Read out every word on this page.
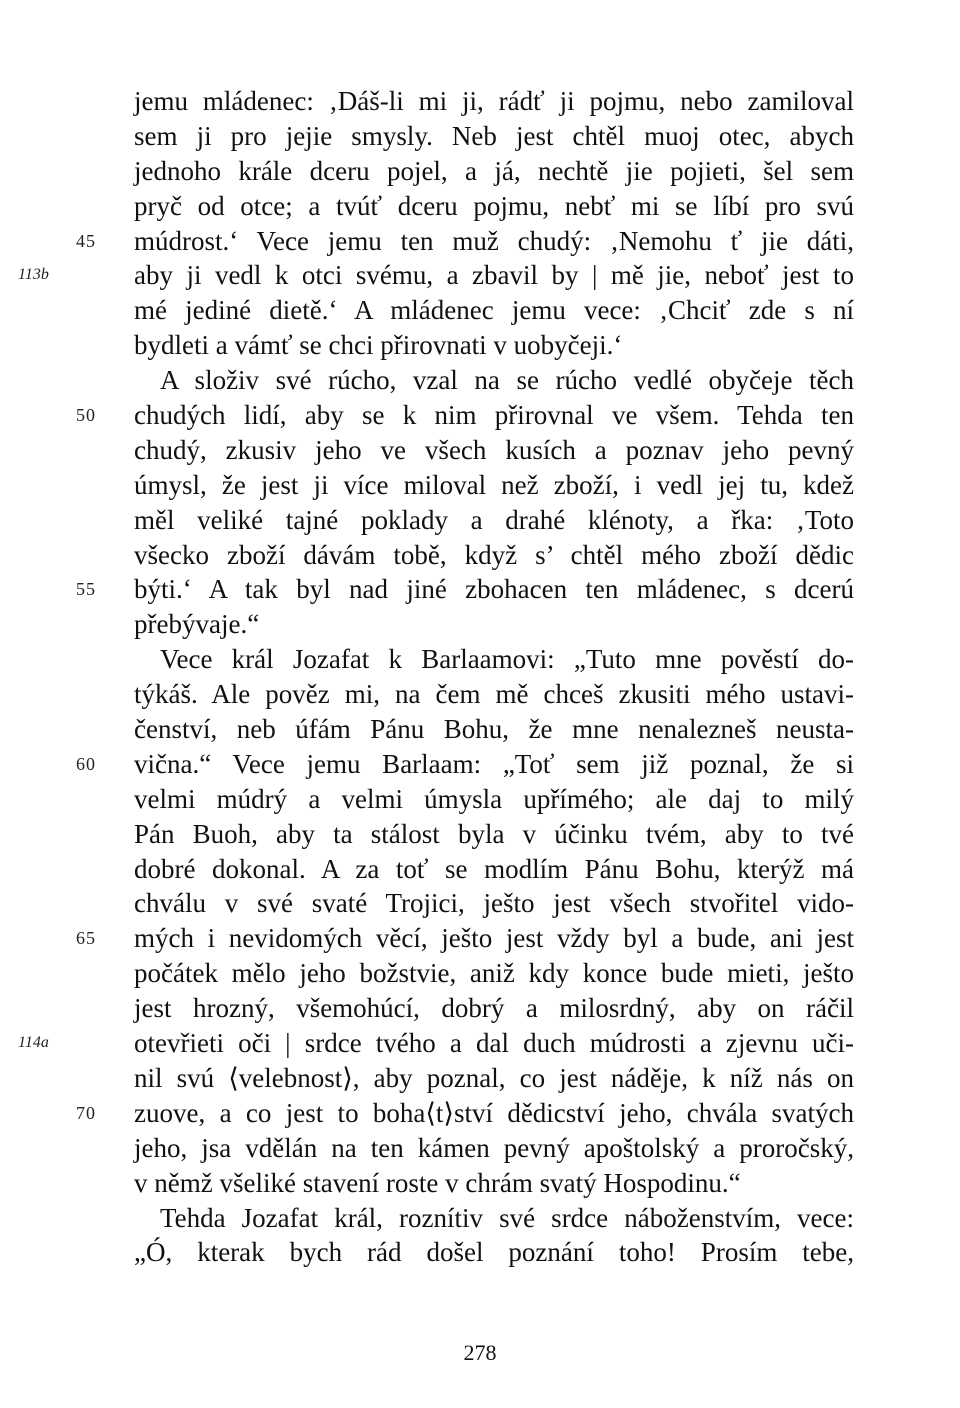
jemu mládenec: ‚Dáš-li mi ji, rádť ji pojmu, nebo zamiloval
sem ji pro jejie smysly. Neb jest chtěl muoj otec, abych
jednoho krále dceru pojel, a já, nechtě jie pojieti, šel sem
pryč od otce; a tvúť dceru pojmu, nebť mi se líbí pro svú
45	múdrost.‘ Vece jemu ten muž chudý: ‚Nemohu ť jie dáti,
113b	aby ji vedl k otci svému, a zbavil by | mě jie, neboť jest to
mé jediné dietě.‘ A mládenec jemu vece: ‚Chciť zde s ní
bydleti a vámť se chci přirovnati v uobyčeji.‘
A složiv své rúcho, vzal na se rúcho vedlé obyčeje těch
50	chudých lidí, aby se k nim přirovnal ve všem. Tehda ten
chudý, zkusiv jeho ve všech kusích a poznav jeho pevný
úmysl, že jest ji více miloval než zboží, i vedl jej tu, kdež
měl veliké tajné poklady a drahé klénoty, a řka: ‚Toto
všecko zboží dávám tobě, když s’ chtěl mého zboží dědic
55	býti.‘ A tak byl nad jiné zbohacen ten mládenec, s dcerú
přebývaje.“
Vece král Jozafat k Barlaamovi: „Tuto mne pověstí do-
týkáš. Ale pověz mi, na čem mě chceš zkusiti mého ustavi-
čenství, neb úfám Pánu Bohu, že mne nenalezneš neusta-
60	vična.“ Vece jemu Barlaam: „Toť sem již poznal, že si
velmi múdrý a velmi úmysla upřímého; ale daj to milý
Pán Buoh, aby ta stálost byla v účinku tvém, aby to tvé
dobré dokonal. A za toť se modlím Pánu Bohu, kterýž má
chválu v své svaté Trojici, ješto jest všech stvořitel vido-
65	mých i nevidomých věcí, ješto jest vždy byl a bude, ani jest
počátek mělo jeho božstvie, aniž kdy konce bude mieti, ješto
jest hrozný, všemohúcí, dobrý a milosrdný, aby on ráčil
114a	otevřieti oči | srdce tvého a dal duch múdrosti a zjevnu uči-
nil svú ⟨velebnost⟩, aby poznal, co jest náděje, k níž nás on
70	zuove, a co jest to boha⟨t⟩ství dědicství jeho, chvála svatých
jeho, jsa vdělán na ten kámen pevný apoštolský a proročský,
v němž všeliké stavení roste v chrám svatý Hospodinu.“
Tehda Jozafat král, roznítiv své srdce náboženstvím, vece:
„Ó, kterak bych rád došel poznání toho! Prosím tebe,
278
